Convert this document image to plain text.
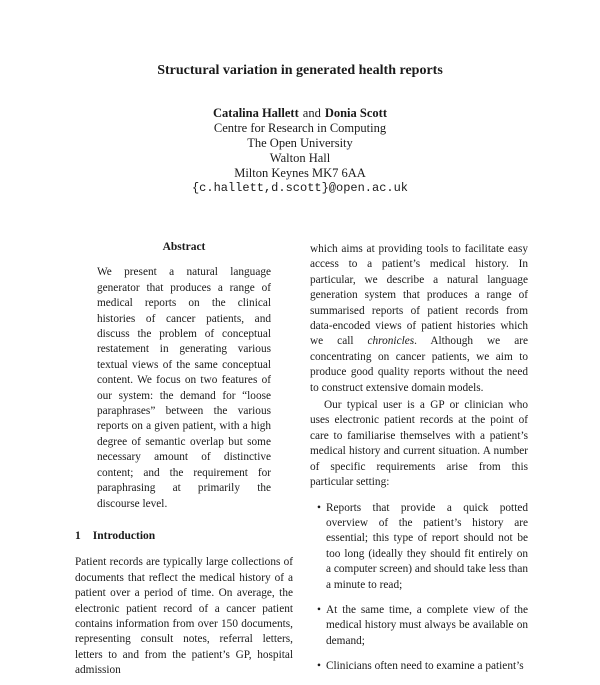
Structural variation in generated health reports
Catalina Hallett and Donia Scott
Centre for Research in Computing
The Open University
Walton Hall
Milton Keynes MK7 6AA
{c.hallett,d.scott}@open.ac.uk
Abstract
We present a natural language generator that produces a range of medical reports on the clinical histories of cancer patients, and discuss the problem of conceptual restatement in generating various textual views of the same conceptual content. We focus on two features of our system: the demand for “loose paraphrases” between the various reports on a given patient, with a high degree of semantic overlap but some necessary amount of distinctive content; and the requirement for paraphrasing at primarily the discourse level.
1 Introduction

Patient records are typically large collections of documents that reflect the medical history of a patient over a period of time. On average, the electronic patient record of a cancer patient contains information from over 150 documents, representing consult notes, referral letters, letters to and from the patient’s GP, hospital admission

which aims at providing tools to facilitate easy access to a patient’s medical history. In particular, we describe a natural language generation system that produces a range of summarised reports of patient records from data-encoded views of patient histories which we call chronicles. Although we are concentrating on cancer patients, we aim to produce good quality reports without the need to construct extensive domain models.

Our typical user is a GP or clinician who uses electronic patient records at the point of care to familiarise themselves with a patient’s medical history and current situation. A number of specific requirements arise from this particular setting:

• Reports that provide a quick potted overview of the patient’s history are essential; this type of report should not be too long (ideally they should fit entirely on a computer screen) and should take less than a minute to read;
• At the same time, a complete view of the medical history must always be available on demand;
• Clinicians often need to examine a patient’s
